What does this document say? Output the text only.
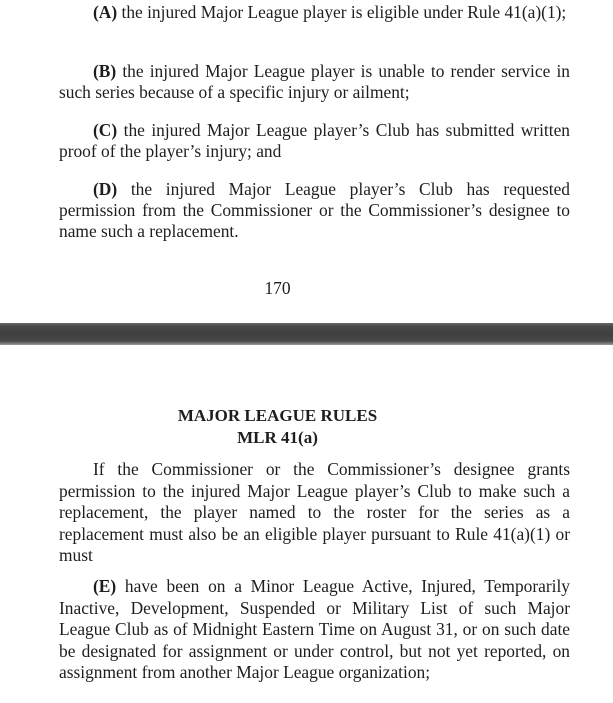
(A) the injured Major League player is eligible under Rule 41(a)(1);

(B) the injured Major League player is unable to render service in such series because of a specific injury or ailment;

(C) the injured Major League player’s Club has submitted written proof of the player’s injury; and

(D) the injured Major League player’s Club has requested permission from the Commissioner or the Commissioner’s designee to name such a replacement.

170
MAJOR LEAGUE RULES
MLR 41(a)

If the Commissioner or the Commissioner’s designee grants permission to the injured Major League player’s Club to make such a replacement, the player named to the roster for the series as a replacement must also be an eligible player pursuant to Rule 41(a)(1) or must

(E) have been on a Minor League Active, Injured, Temporarily Inactive, Development, Suspended or Military List of such Major League Club as of Midnight Eastern Time on August 31, or on such date be designated for assignment or under control, but not yet reported, on assignment from another Major League organization;
